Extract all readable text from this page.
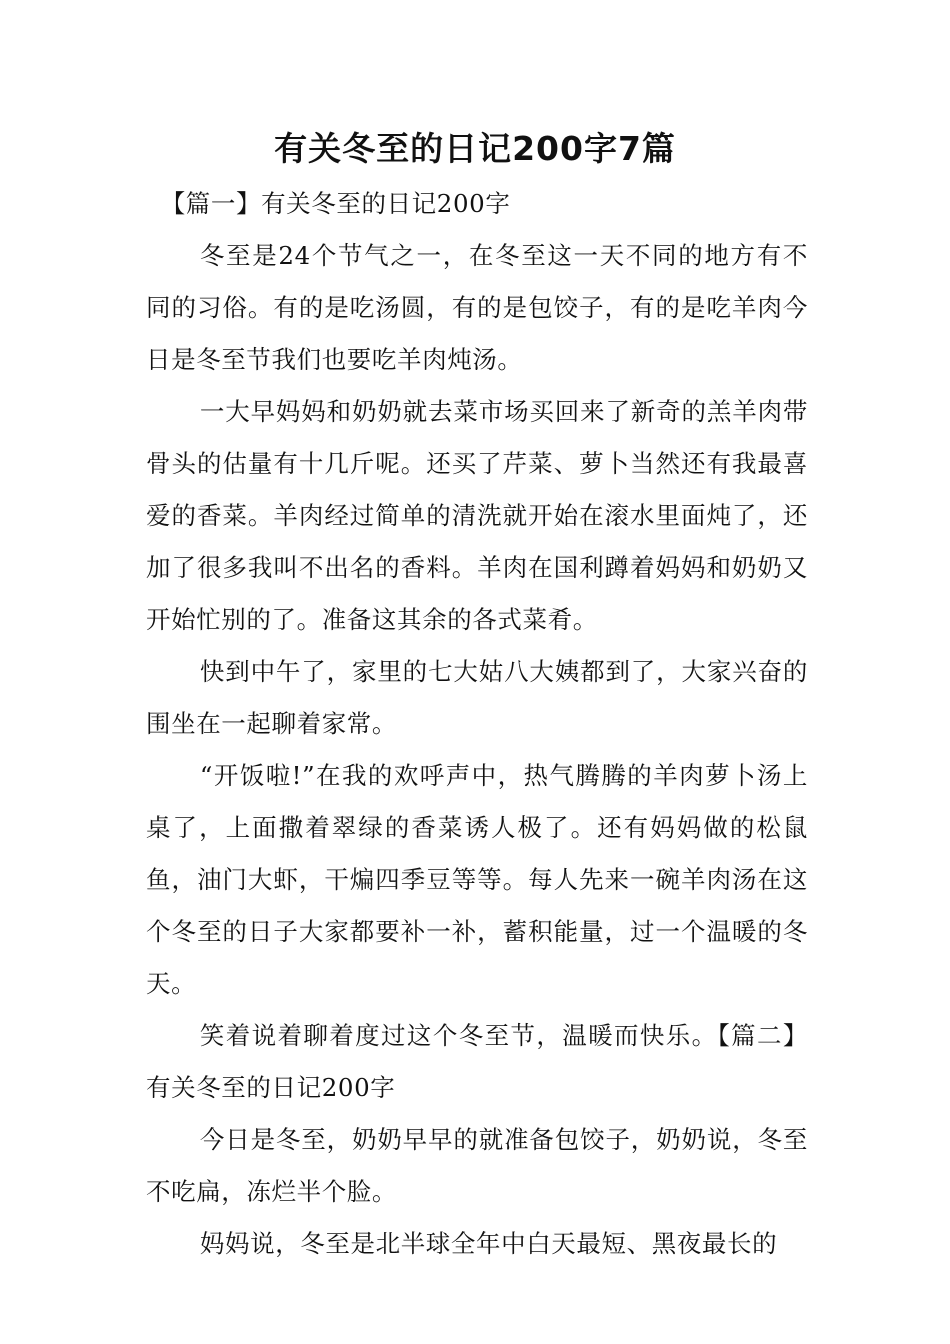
有关冬至的日记200字7篇

【篇一】有关冬至的日记200字

冬至是24个节气之一，在冬至这一天不同的地方有不同的习俗。有的是吃汤圆，有的是包饺子，有的是吃羊肉今日是冬至节我们也要吃羊肉炖汤。

一大早妈妈和奶奶就去菜市场买回来了新奇的羔羊肉带骨头的估量有十几斤呢。还买了芹菜、萝卜当然还有我最喜爱的香菜。羊肉经过简单的清洗就开始在滚水里面炖了，还加了很多我叫不出名的香料。羊肉在国利蹲着妈妈和奶奶又开始忙别的了。准备这其余的各式菜肴。

快到中午了，家里的七大姑八大姨都到了，大家兴奋的围坐在一起聊着家常。

“开饭啦!”在我的欢呼声中，热气腾腾的羊肉萝卜汤上桌了，上面撒着翠绿的香菜诱人极了。还有妈妈做的松鼠鱼，油门大虾，干煸四季豆等等。每人先来一碗羊肉汤在这个冬至的日子大家都要补一补，蓄积能量，过一个温暖的冬天。

笑着说着聊着度过这个冬至节，温暖而快乐。【篇二】有关冬至的日记200字

今日是冬至，奶奶早早的就准备包饺子，奶奶说，冬至不吃扁，冻烂半个脸。

妈妈说，冬至是北半球全年中白天最短、黑夜最长的
